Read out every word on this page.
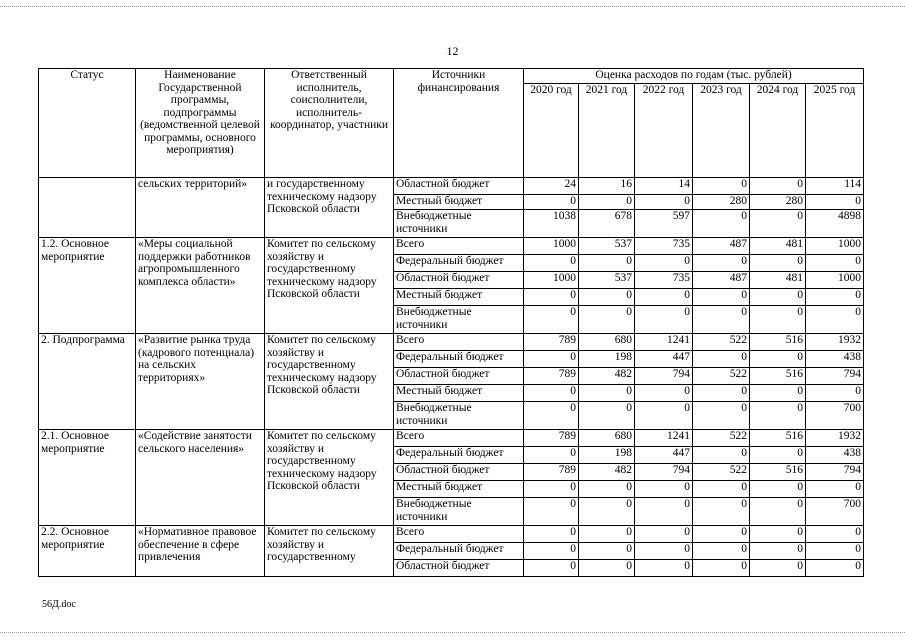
12
Статус	Наименование Государственной программы, подпрограммы (ведомственной целевой программы, основного мероприятия)	Ответственный исполнитель, соисполнители, исполнитель-координатор, участники	Источники финансирования	Оценка расходов по годам (тыс. рублей)					
				2020 год	2021 год	2022 год	2023 год	2024 год	2025 год
	сельских территорий»	и государственному техническому надзору Псковской области	Областной бюджет	24	16	14	0	0	114
			Местный бюджет	0	0	0	280	280	0
			Внебюджетные источники	1038	678	597	0	0	4898
1.2. Основное мероприятие	«Меры социальной поддержки работников агропромышленного комплекса области»	Комитет по сельскому хозяйству и государственному техническому надзору Псковской области	Всего	1000	537	735	487	481	1000
			Федеральный бюджет	0	0	0	0	0	0
			Областной бюджет	1000	537	735	487	481	1000
			Местный бюджет	0	0	0	0	0	0
			Внебюджетные источники	0	0	0	0	0	0
2. Подпрограмма	«Развитие рынка труда (кадрового потенциала) на сельских территориях»	Комитет по сельскому хозяйству и государственному техническому надзору Псковской области	Всего	789	680	1241	522	516	1932
			Федеральный бюджет	0	198	447	0	0	438
			Областной бюджет	789	482	794	522	516	794
			Местный бюджет	0	0	0	0	0	0
			Внебюджетные источники	0	0	0	0	0	700
2.1. Основное мероприятие	«Содействие занятости сельского населения»	Комитет по сельскому хозяйству и государственному техническому надзору Псковской области	Всего	789	680	1241	522	516	1932
			Федеральный бюджет	0	198	447	0	0	438
			Областной бюджет	789	482	794	522	516	794
			Местный бюджет	0	0	0	0	0	0
			Внебюджетные источники	0	0	0	0	0	700
2.2. Основное мероприятие	«Нормативное правовое обеспечение в сфере привлечения	Комитет по сельскому хозяйству и государственному	Всего	0	0	0	0	0	0
			Федеральный бюджет	0	0	0	0	0	0
			Областной бюджет	0	0	0	0	0	0
56Д.doc
